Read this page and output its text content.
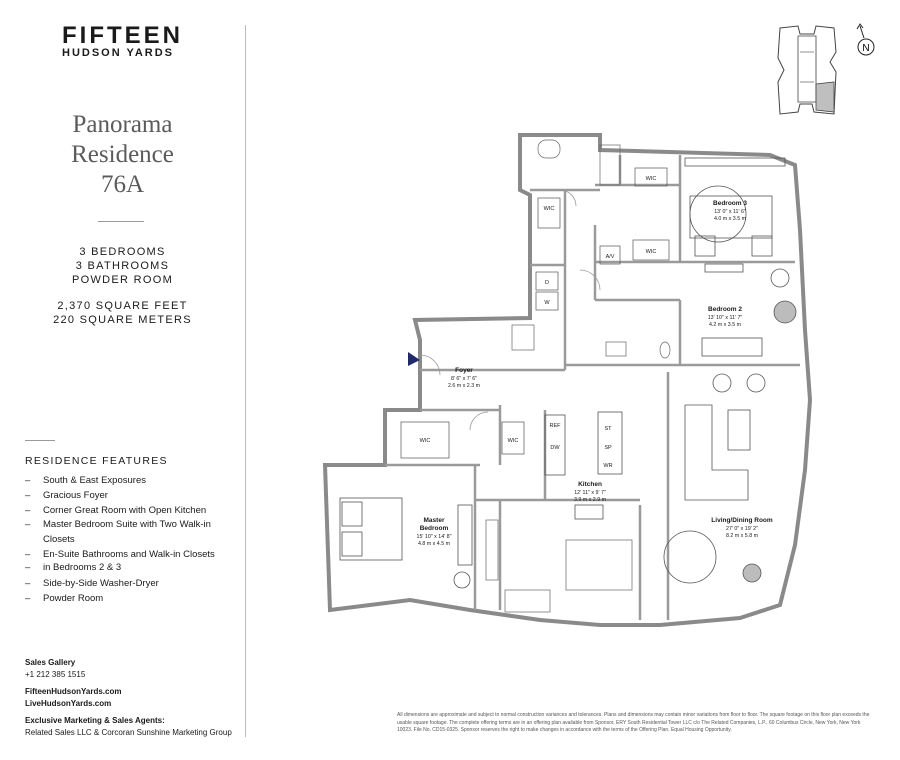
FIFTEEN
HUDSON YARDS
Panorama
Residence
76A
3 BEDROOMS
3 BATHROOMS
POWDER ROOM
2,370 SQUARE FEET
220 SQUARE METERS
RESIDENCE FEATURES
– South & East Exposures
– Gracious Foyer
– Corner Great Room with Open Kitchen
– Master Bedroom Suite with Two Walk-in Closets
– En-Suite Bathrooms and Walk-in Closets
– in Bedrooms 2 & 3
– Side-by-Side Washer-Dryer
– Powder Room
Sales Gallery
+1 212 385 1515
FifteenHudsonYards.com
LiveHudsonYards.com
Exclusive Marketing & Sales Agents:
Related Sales LLC & Corcoran Sunshine Marketing Group
N
Bedroom 3
13' 0" x 11' 6"
4.0 m x 3.5 m
Bedroom 2
13' 10" x 11' 7"
4.2 m x 3.5 m
Foyer
8' 6" x 7' 6"
2.6 m x 2.3 m
Kitchen
12' 11" x 9' 7"
3.9 m x 2.9 m
Living/Dining Room
27' 0" x 19' 2"
8.2 m x 5.8 m
Master
Bedroom
15' 10" x 14' 8"
4.8 m x 4.5 m
WIC
WIC
WIC
WIC	WIC
A/V
D
W
REF
DW
ST
SP
WR
All dimensions are approximate and subject to normal construction variances and tolerances. Plans and dimensions may contain minor variations from floor to floor. The square footage on this floor plan exceeds the usable square footage. The complete offering terms are in an offering plan available from Sponsor, ERY South Residential Tower LLC c/o The Related Companies, L.P., 60 Columbus Circle, New York, New York 10023. File No. CD15-0325. Sponsor reserves the right to make changes in accordance with the terms of the Offering Plan. Equal Housing Opportunity.
